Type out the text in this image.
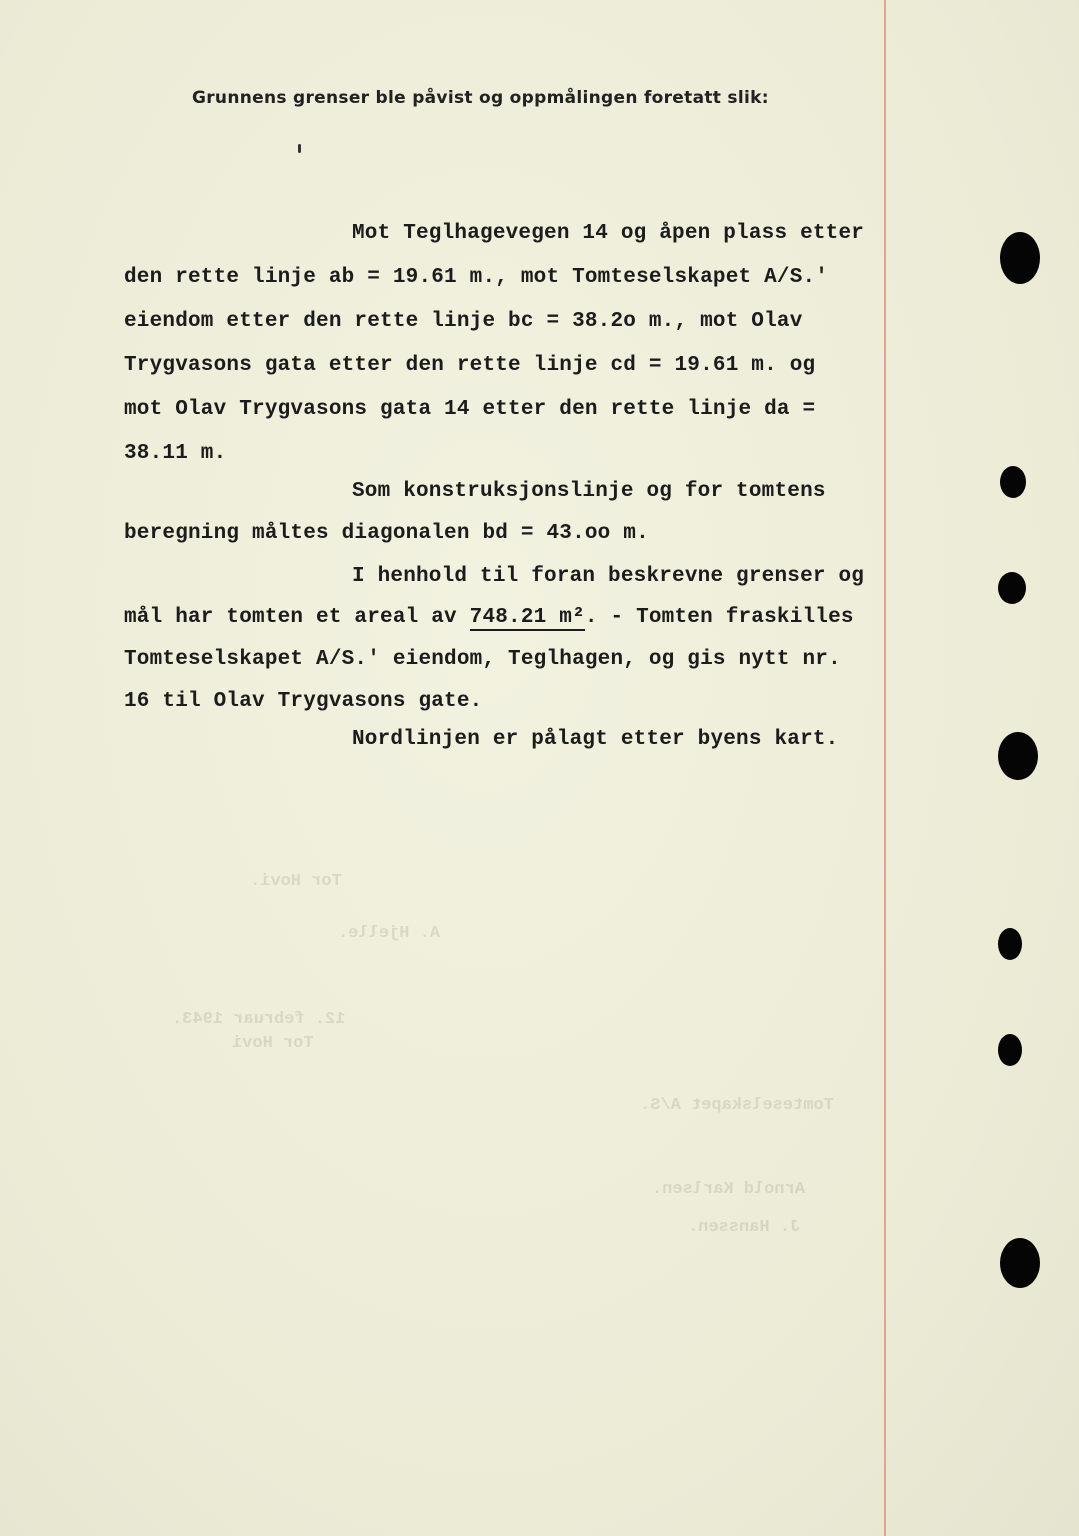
Grunnens grenser ble påvist og oppmålingen foretatt slik:
Mot Teglhagevegen 14 og åpen plass etter
den rette linje ab = 19.61 m., mot Tomteselskapet A/S.'
eiendom etter den rette linje bc = 38.2o m., mot Olav
Trygvasons gata etter den rette linje cd = 19.61 m. og
mot Olav Trygvasons gata 14 etter den rette linje da =
38.11 m.
Som konstruksjonslinje og for tomtens
beregning måltes diagonalen bd = 43.oo m.
I henhold til foran beskrevne grenser og
mål har tomten et areal av 748.21 m². - Tomten fraskilles
Tomteselskapet A/S.' eiendom, Teglhagen, og gis nytt nr.
16 til Olav Trygvasons gate.
Nordlinjen er pålagt etter byens kart.
Tor Hovi.
A. Hjelle.
12. februar 1943.
Tor Hovi
Tomteselskapet A/S.
Arnold Karlsen.
J. Hanssen.
